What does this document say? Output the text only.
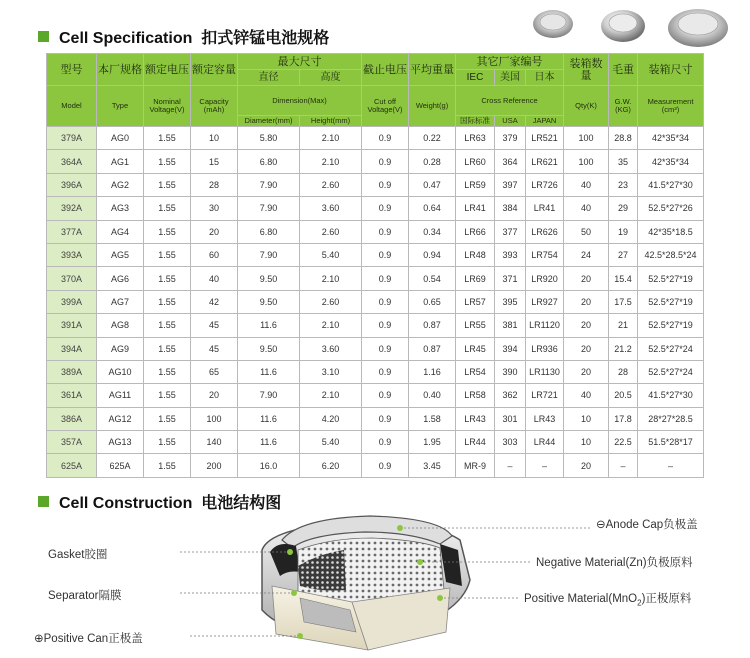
Cell Specification 扣式锌锰电池规格
型号	本厂规格	额定电压	额定容量	最大尺寸		截止电压	平均重量	其它厂家编号			装箱数量	毛重	装箱尺寸
				直径	高度			IEC	美国	日本			
Model	Type	Nominal Voltage(V)	Capacity (mAh)	Dimension(Max)		Cut off Voltage(V)	Weight(g)	Cross Reference			Qty(K)	G.W. (KG)	Measurement (cm³)
				Diameter(mm)	Height(mm)			国际标准	USA	JAPAN			
379A	AG0	1.55	10	5.80	2.10	0.9	0.22	LR63	379	LR521	100	28.8	42*35*34
364A	AG1	1.55	15	6.80	2.10	0.9	0.28	LR60	364	LR621	100	35	42*35*34
396A	AG2	1.55	28	7.90	2.60	0.9	0.47	LR59	397	LR726	40	23	41.5*27*30
392A	AG3	1.55	30	7.90	3.60	0.9	0.64	LR41	384	LR41	40	29	52.5*27*26
377A	AG4	1.55	20	6.80	2.60	0.9	0.34	LR66	377	LR626	50	19	42*35*18.5
393A	AG5	1.55	60	7.90	5.40	0.9	0.94	LR48	393	LR754	24	27	42.5*28.5*24
370A	AG6	1.55	40	9.50	2.10	0.9	0.54	LR69	371	LR920	20	15.4	52.5*27*19
399A	AG7	1.55	42	9.50	2.60	0.9	0.65	LR57	395	LR927	20	17.5	52.5*27*19
391A	AG8	1.55	45	11.6	2.10	0.9	0.87	LR55	381	LR1120	20	21	52.5*27*19
394A	AG9	1.55	45	9.50	3.60	0.9	0.87	LR45	394	LR936	20	21.2	52.5*27*24
389A	AG10	1.55	65	11.6	3.10	0.9	1.16	LR54	390	LR1130	20	28	52.5*27*24
361A	AG11	1.55	20	7.90	2.10	0.9	0.40	LR58	362	LR721	40	20.5	41.5*27*30
386A	AG12	1.55	100	11.6	4.20	0.9	1.58	LR43	301	LR43	10	17.8	28*27*28.5
357A	AG13	1.55	140	11.6	5.40	0.9	1.95	LR44	303	LR44	10	22.5	51.5*28*17
625A	625A	1.55	200	16.0	6.20	0.9	3.45	MR-9	–	–	20	–	–
Cell Construction 电池结构图
Gasket胶圈
Separator隔膜
⊕Positive Can正极盖
⊖Anode Cap负极盖
Negative Material(Zn)负极原料
Positive Material(MnO$_2$)正极原料
